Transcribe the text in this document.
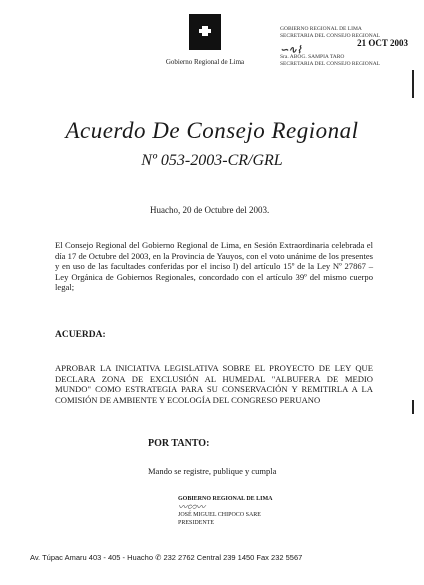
Gobierno Regional de Lima
GOBIERNO REGIONAL DE LIMA
SECRETARIA DEL CONSEJO REGIONAL
21 OCT 2003
∽∿⌇
Sra. ABOG. SAMPIA TARO
SECRETARIA DEL CONSEJO REGIONAL
Acuerdo De Consejo Regional
Nº 053-2003-CR/GRL
Huacho, 20 de Octubre del 2003.
El Consejo Regional del Gobierno Regional de Lima, en Sesión Extraordinaria celebrada el día 17 de Octubre del 2003, en la Provincia de Yauyos, con el voto unánime de los presentes y en uso de las facultades conferidas por el inciso l) del artículo 15º de la Ley Nº 27867 – Ley Orgánica de Gobiernos Regionales, concordado con el artículo 39º del mismo cuerpo legal;
ACUERDA:
APROBAR LA INICIATIVA LEGISLATIVA SOBRE EL PROYECTO DE LEY QUE DECLARA ZONA DE EXCLUSIÓN AL HUMEDAL "ALBUFERA DE MEDIO MUNDO" COMO ESTRATEGIA PARA SU CONSERVACIÓN Y REMITIRLA A LA COMISIÓN DE AMBIENTE Y ECOLOGÍA DEL CONGRESO PERUANO
POR TANTO:
Mando se registre, publique y cumpla
GOBIERNO REGIONAL DE LIMA
〰∽〰
JOSÉ MIGUEL CHIPOCO SARE
PRESIDENTE
Av. Túpac Amaru 403 - 405 - Huacho ✆ 232 2762 Central 239 1450 Fax 232 5567
